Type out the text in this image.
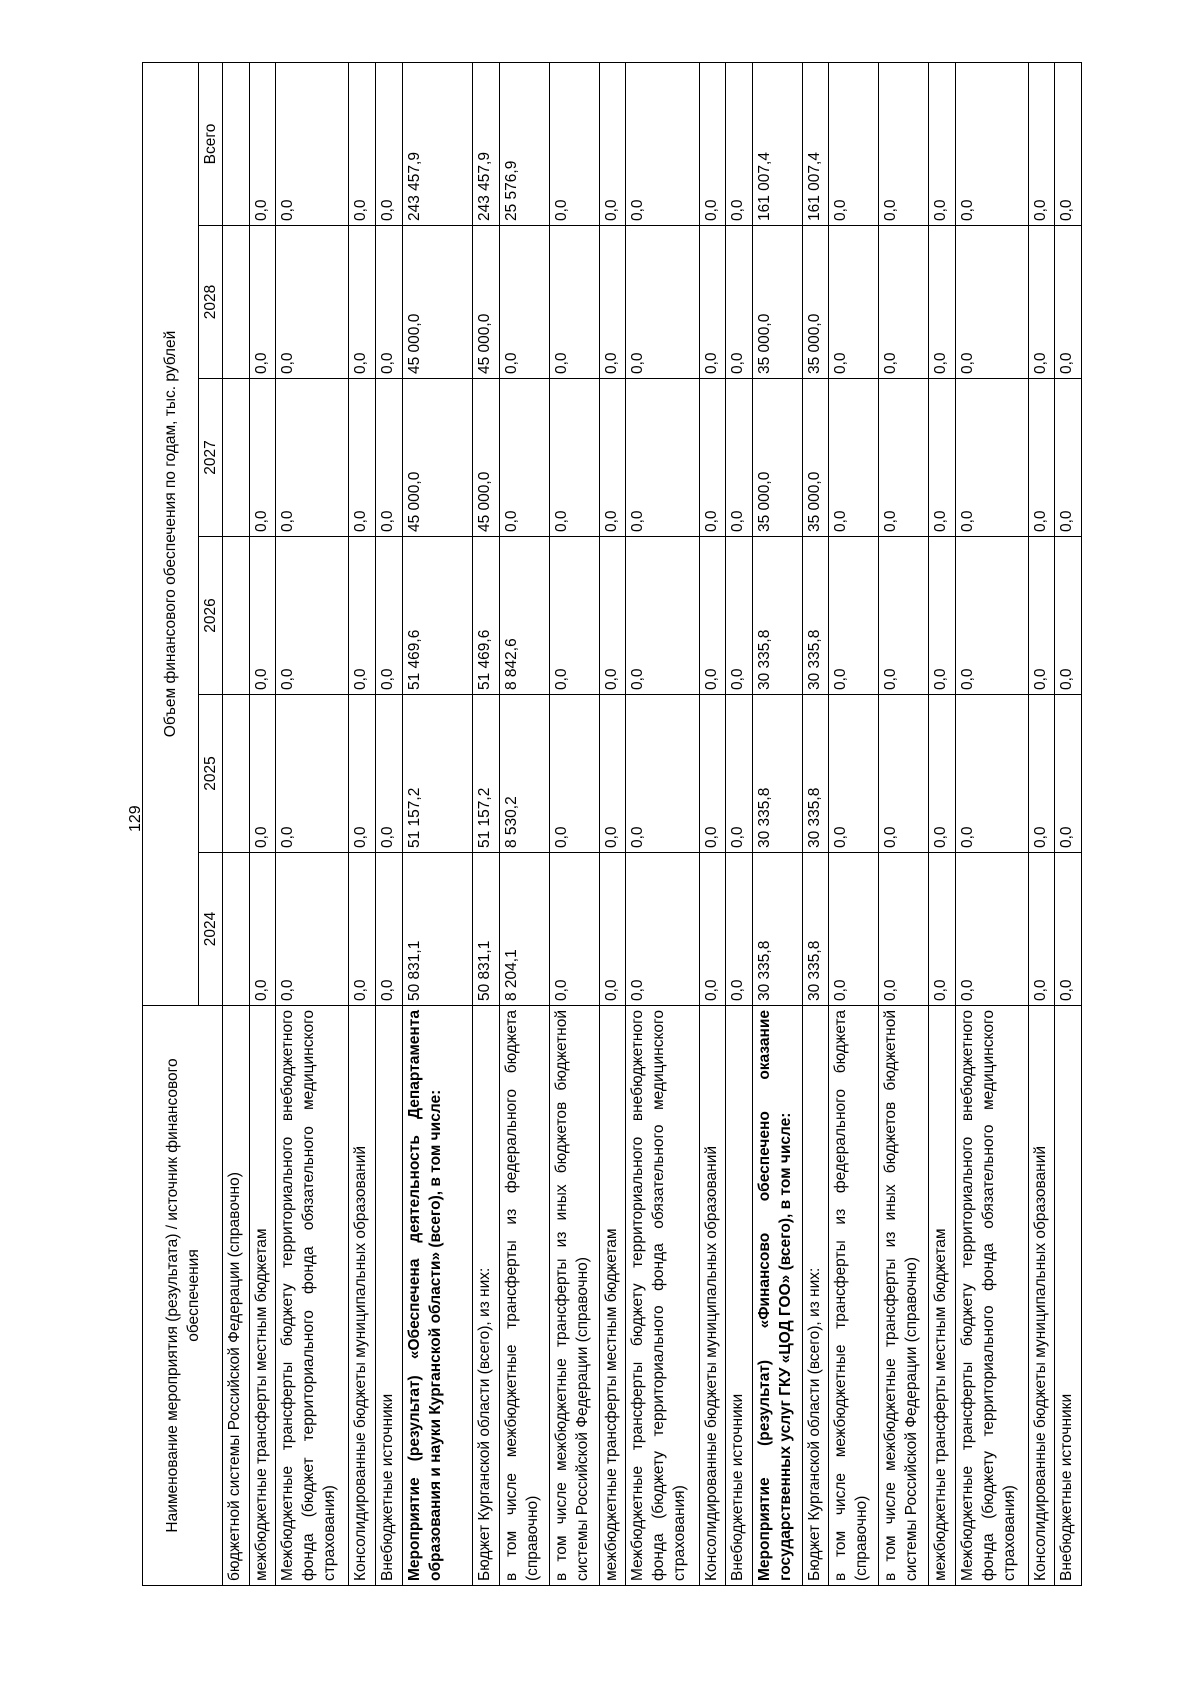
129
Наименование мероприятия (результата) / источник финансового обеспечения	Объем финансового обеспечения по годам, тыс. рублей					
	2024	2025	2026	2027	2028	Всего
бюджетной системы Российской Федерации (справочно)						
межбюджетные трансферты местным бюджетам	0,0	0,0	0,0	0,0	0,0	0,0
Межбюджетные трансферты бюджету территориального внебюджетного фонда (бюджет территориального фонда обязательного медицинского страхования)	0,0	0,0	0,0	0,0	0,0	0,0
Консолидированные бюджеты муниципальных образований	0,0	0,0	0,0	0,0	0,0	0,0
Внебюджетные источники	0,0	0,0	0,0	0,0	0,0	0,0
Мероприятие (результат) «Обеспечена деятельность Департамента образования и науки Курганской области» (всего), в том числе:	50 831,1	51 157,2	51 469,6	45 000,0	45 000,0	243 457,9
Бюджет Курганской области (всего), из них:	50 831,1	51 157,2	51 469,6	45 000,0	45 000,0	243 457,9
в том числе межбюджетные трансферты из федерального бюджета (справочно)	8 204,1	8 530,2	8 842,6	0,0	0,0	25 576,9
в том числе межбюджетные трансферты из иных бюджетов бюджетной системы Российской Федерации (справочно)	0,0	0,0	0,0	0,0	0,0	0,0
межбюджетные трансферты местным бюджетам	0,0	0,0	0,0	0,0	0,0	0,0
Межбюджетные трансферты бюджету территориального внебюджетного фонда (бюджету территориального фонда обязательного медицинского страхования)	0,0	0,0	0,0	0,0	0,0	0,0
Консолидированные бюджеты муниципальных образований	0,0	0,0	0,0	0,0	0,0	0,0
Внебюджетные источники	0,0	0,0	0,0	0,0	0,0	0,0
Мероприятие (результат) «Финансово обеспечено оказание государственных услуг ГКУ «ЦОД ГОО» (всего), в том числе:	30 335,8	30 335,8	30 335,8	35 000,0	35 000,0	161 007,4
Бюджет Курганской области (всего), из них:	30 335,8	30 335,8	30 335,8	35 000,0	35 000,0	161 007,4
в том числе межбюджетные трансферты из федерального бюджета (справочно)	0,0	0,0	0,0	0,0	0,0	0,0
в том числе межбюджетные трансферты из иных бюджетов бюджетной системы Российской Федерации (справочно)	0,0	0,0	0,0	0,0	0,0	0,0
межбюджетные трансферты местным бюджетам	0,0	0,0	0,0	0,0	0,0	0,0
Межбюджетные трансферты бюджету территориального внебюджетного фонда (бюджету территориального фонда обязательного медицинского страхования)	0,0	0,0	0,0	0,0	0,0	0,0
Консолидированные бюджеты муниципальных образований	0,0	0,0	0,0	0,0	0,0	0,0
Внебюджетные источники	0,0	0,0	0,0	0,0	0,0	0,0
